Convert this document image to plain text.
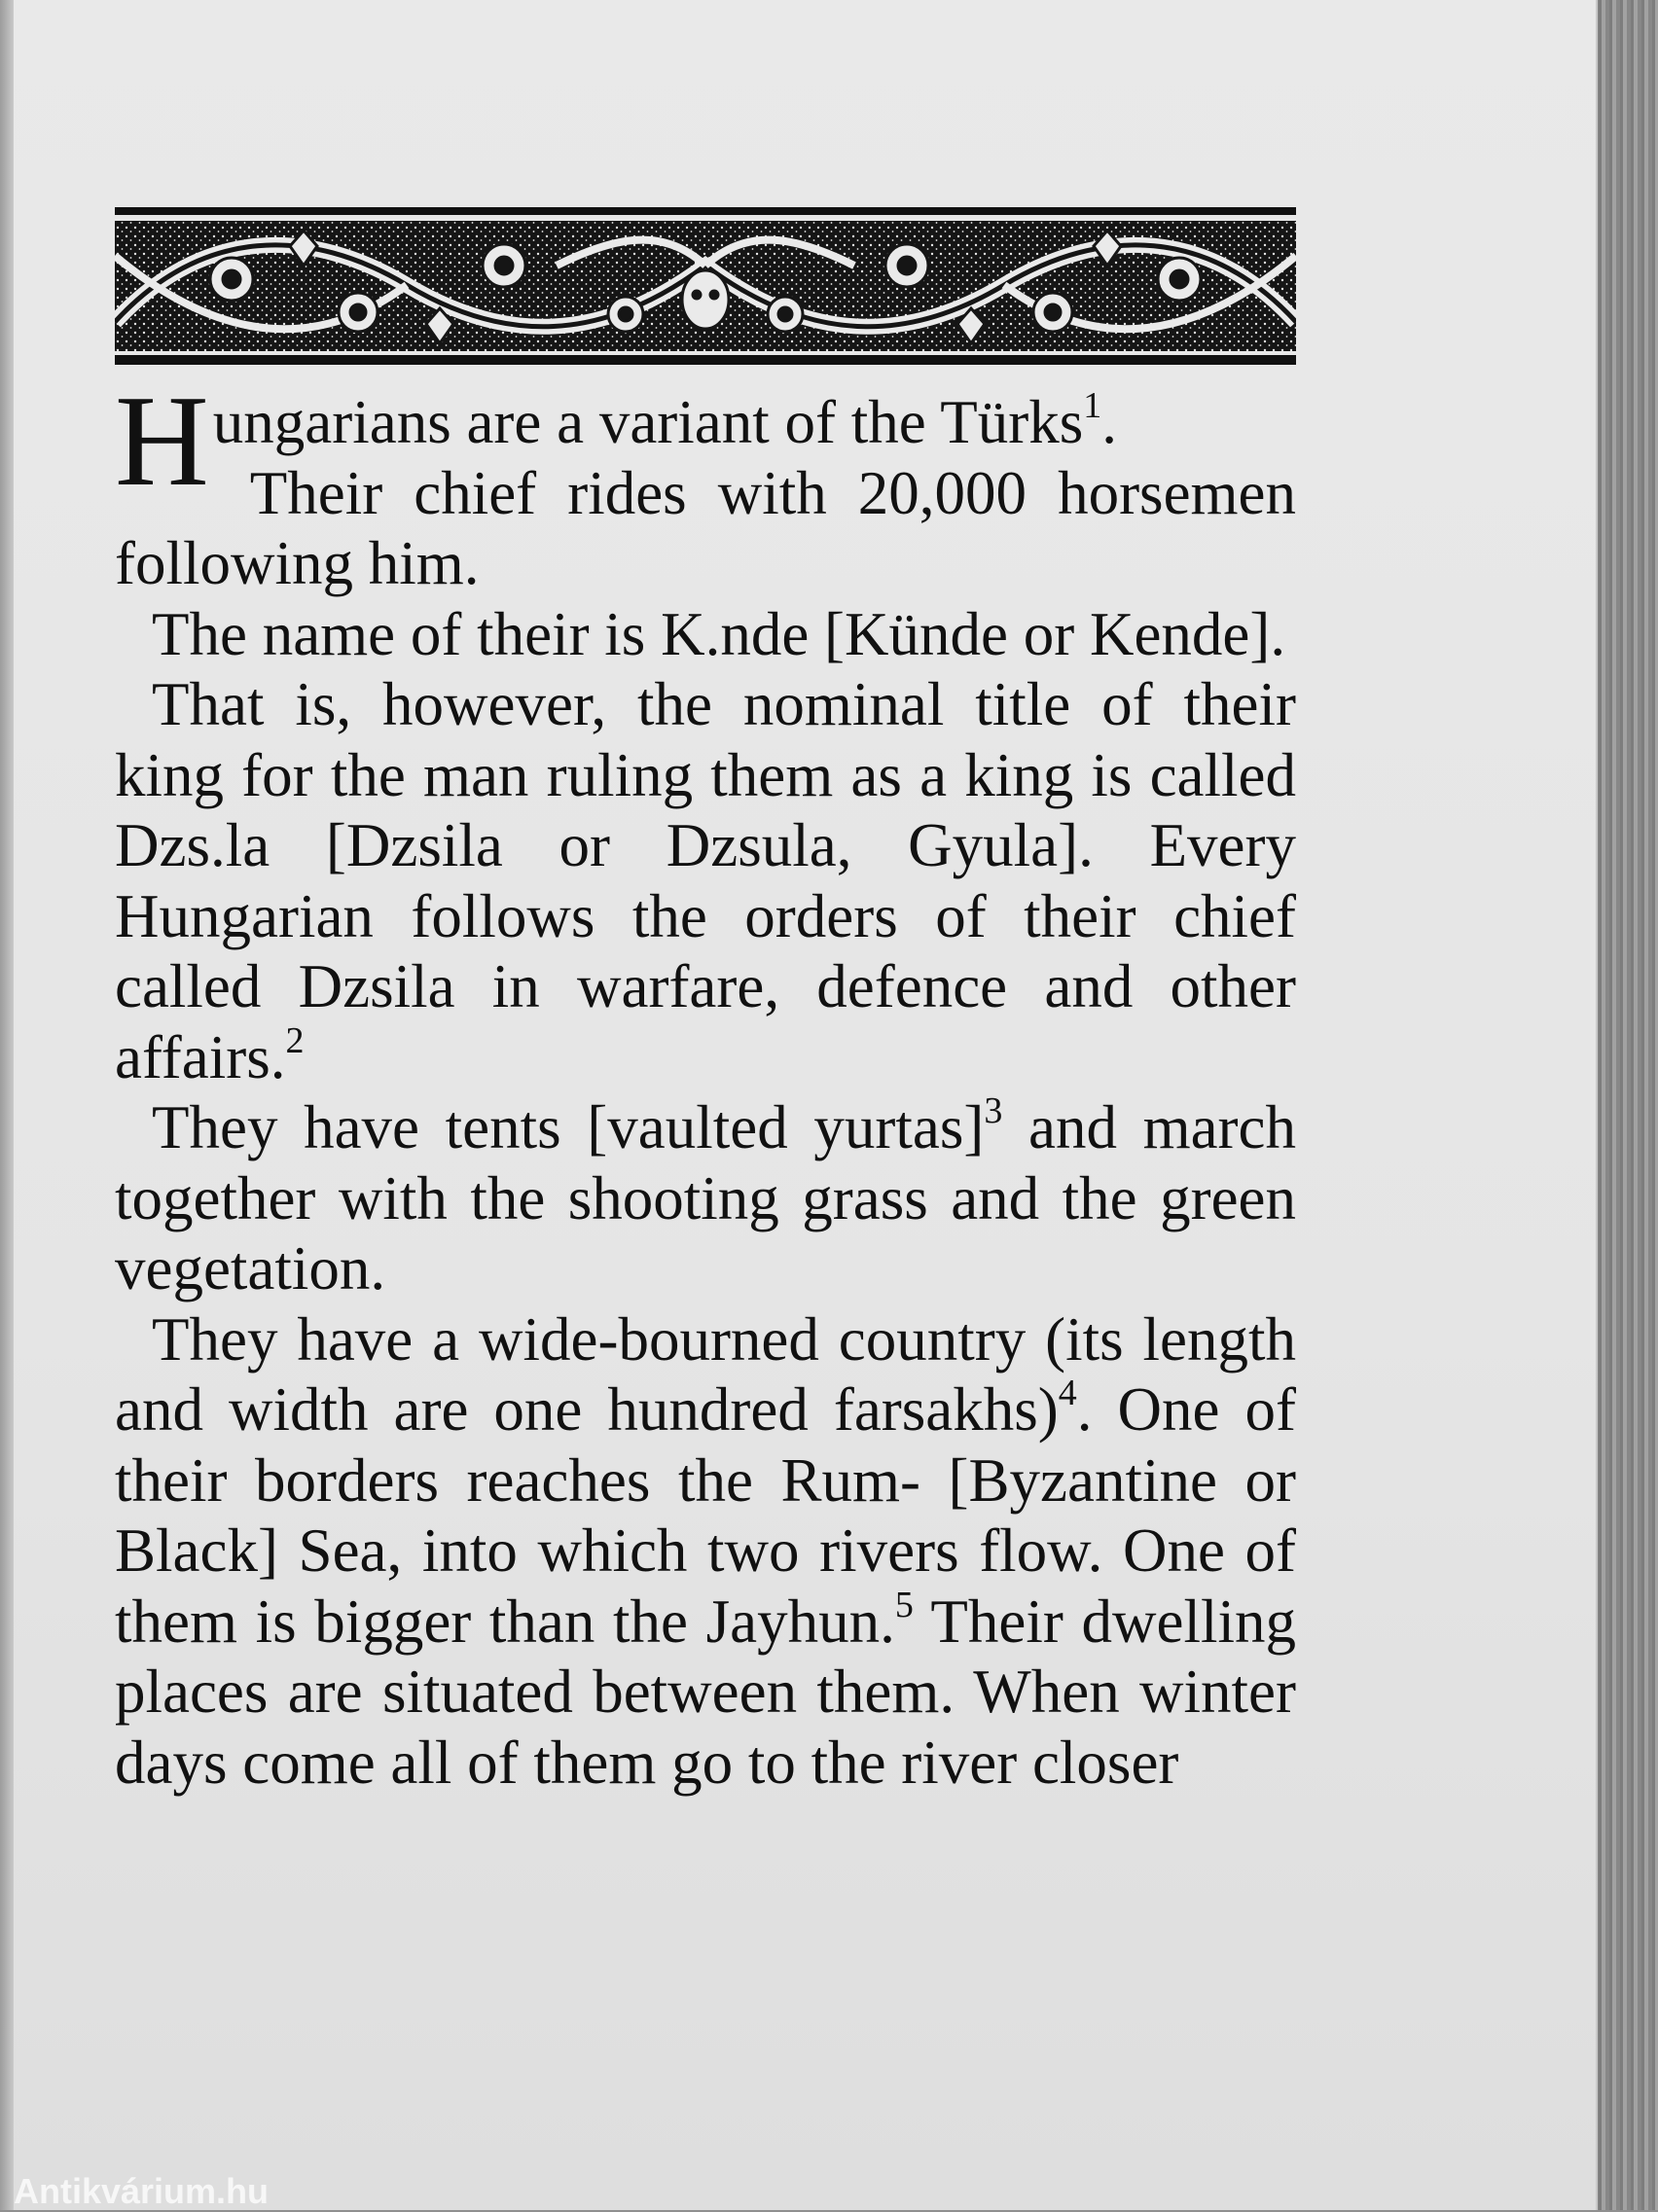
Hungarians are a variant of the Türks$^1$.

Their chief rides with 20,000 horsemen following him.

The name of their is K.nde [Künde or Kende].

That is, however, the nominal title of their king for the man ruling them as a king is called Dzs.la [Dzsila or Dzsula, Gyula]. Every Hungarian follows the orders of their chief called Dzsila in warfare, defence and other affairs.$^2$

They have tents [vaulted yurtas]$^3$ and march together with the shooting grass and the green vegetation.

They have a wide-bourned country (its length and width are one hundred farsakhs)$^4$. One of their borders reaches the Rum- [Byzantine or Black] Sea, into which two rivers flow. One of them is bigger than the Jayhun.$^5$ Their dwelling places are situated between them. When winter days come all of them go to the river closer

Antikvárium.hu
